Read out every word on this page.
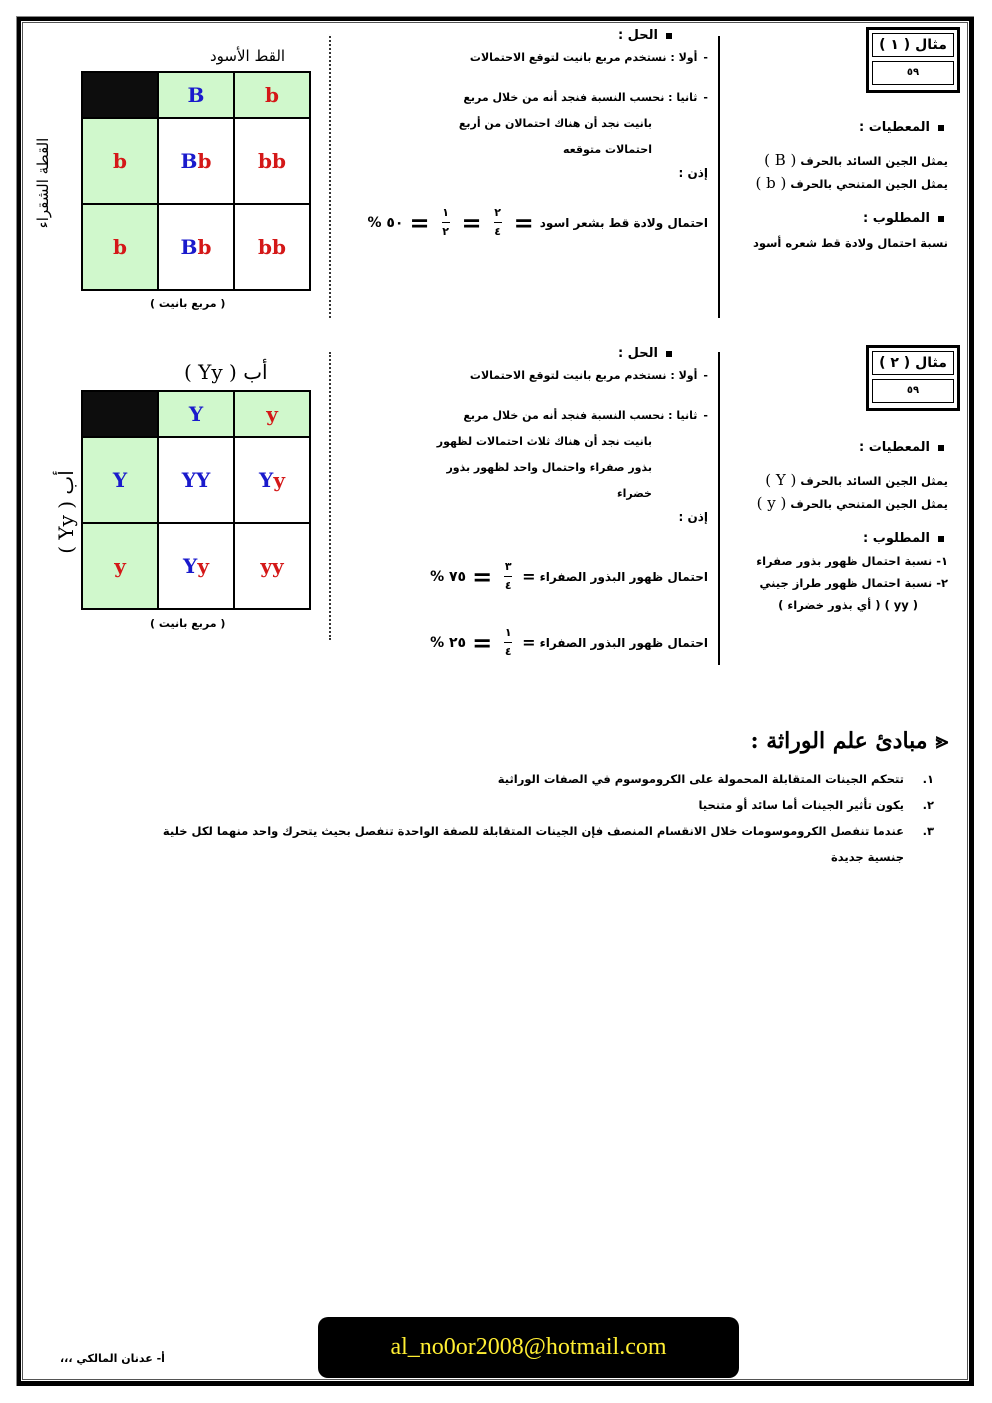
مثال ( ١ )
٥٩
المعطيات :
يمثل الجين السائد بالحرف ( B )
يمثل الجين المتنحي بالحرف ( b )
المطلوب :
نسبة احتمال ولادة قط شعره أسود
الحل :
-أولا : نستخدم مربع بانيت لتوقع الاحتمالات
-ثانيا : نحسب النسبة فنجد أنه من خلال مربع
بانيت نجد أن هناك احتمالان من أربع
احتمالات متوقعه
إذن :
احتمال ولادة قط بشعر اسود
=
$\frac{٢}{٤}$
=
$\frac{١}{٢}$
=
٥٠ %
القط الأسود
القطة الشقراء
	B	b
b	Bb	bb
b	Bb	bb
( مربع بانيت )
مثال ( ٢ )
٥٩
المعطيات :
يمثل الجين السائد بالحرف ( Y )
يمثل الجين المتنحي بالحرف ( y )
المطلوب :
١- نسبة احتمال ظهور بذور صفراء
٢- نسبة احتمال ظهور طراز جيني
( yy ) ( أي بذور خضراء )
الحل :
-أولا : نستخدم مربع بانيت لتوقع الاحتمالات
-ثانيا : نحسب النسبة فنجد أنه من خلال مربع
بانيت نجد أن هناك ثلاث احتمالات لظهور
بذور صفراء واحتمال واحد لظهور بذور
خضراء
إذن :
احتمال ظهور البذور الصفراء
=
$\frac{٣}{٤}$
=
٧٥ %
احتمال ظهور البذور الصفراء
=
$\frac{١}{٤}$
=
٢٥ %
أب ( Yy )
أب ( Yy )
	Y	y
Y	YY	Yy
y	Yy	yy
( مربع بانيت )
⪡مبادئ علم الوراثة :
١.
تتحكم الجينات المتقابلة المحمولة على الكروموسوم في الصفات الوراثية
٢.
يكون تأثير الجينات أما سائد أو متنحيا
٣.
عندما تنفصل الكروموسومات خلال الانقسام المنصف فإن الجينات المتقابلة للصفة الواحدة تنفصل بحيث يتحرك واحد منهما لكل خلية
جنسية جديدة
al_no0or2008@hotmail.com
أ- عدنان المالكي ،،،
